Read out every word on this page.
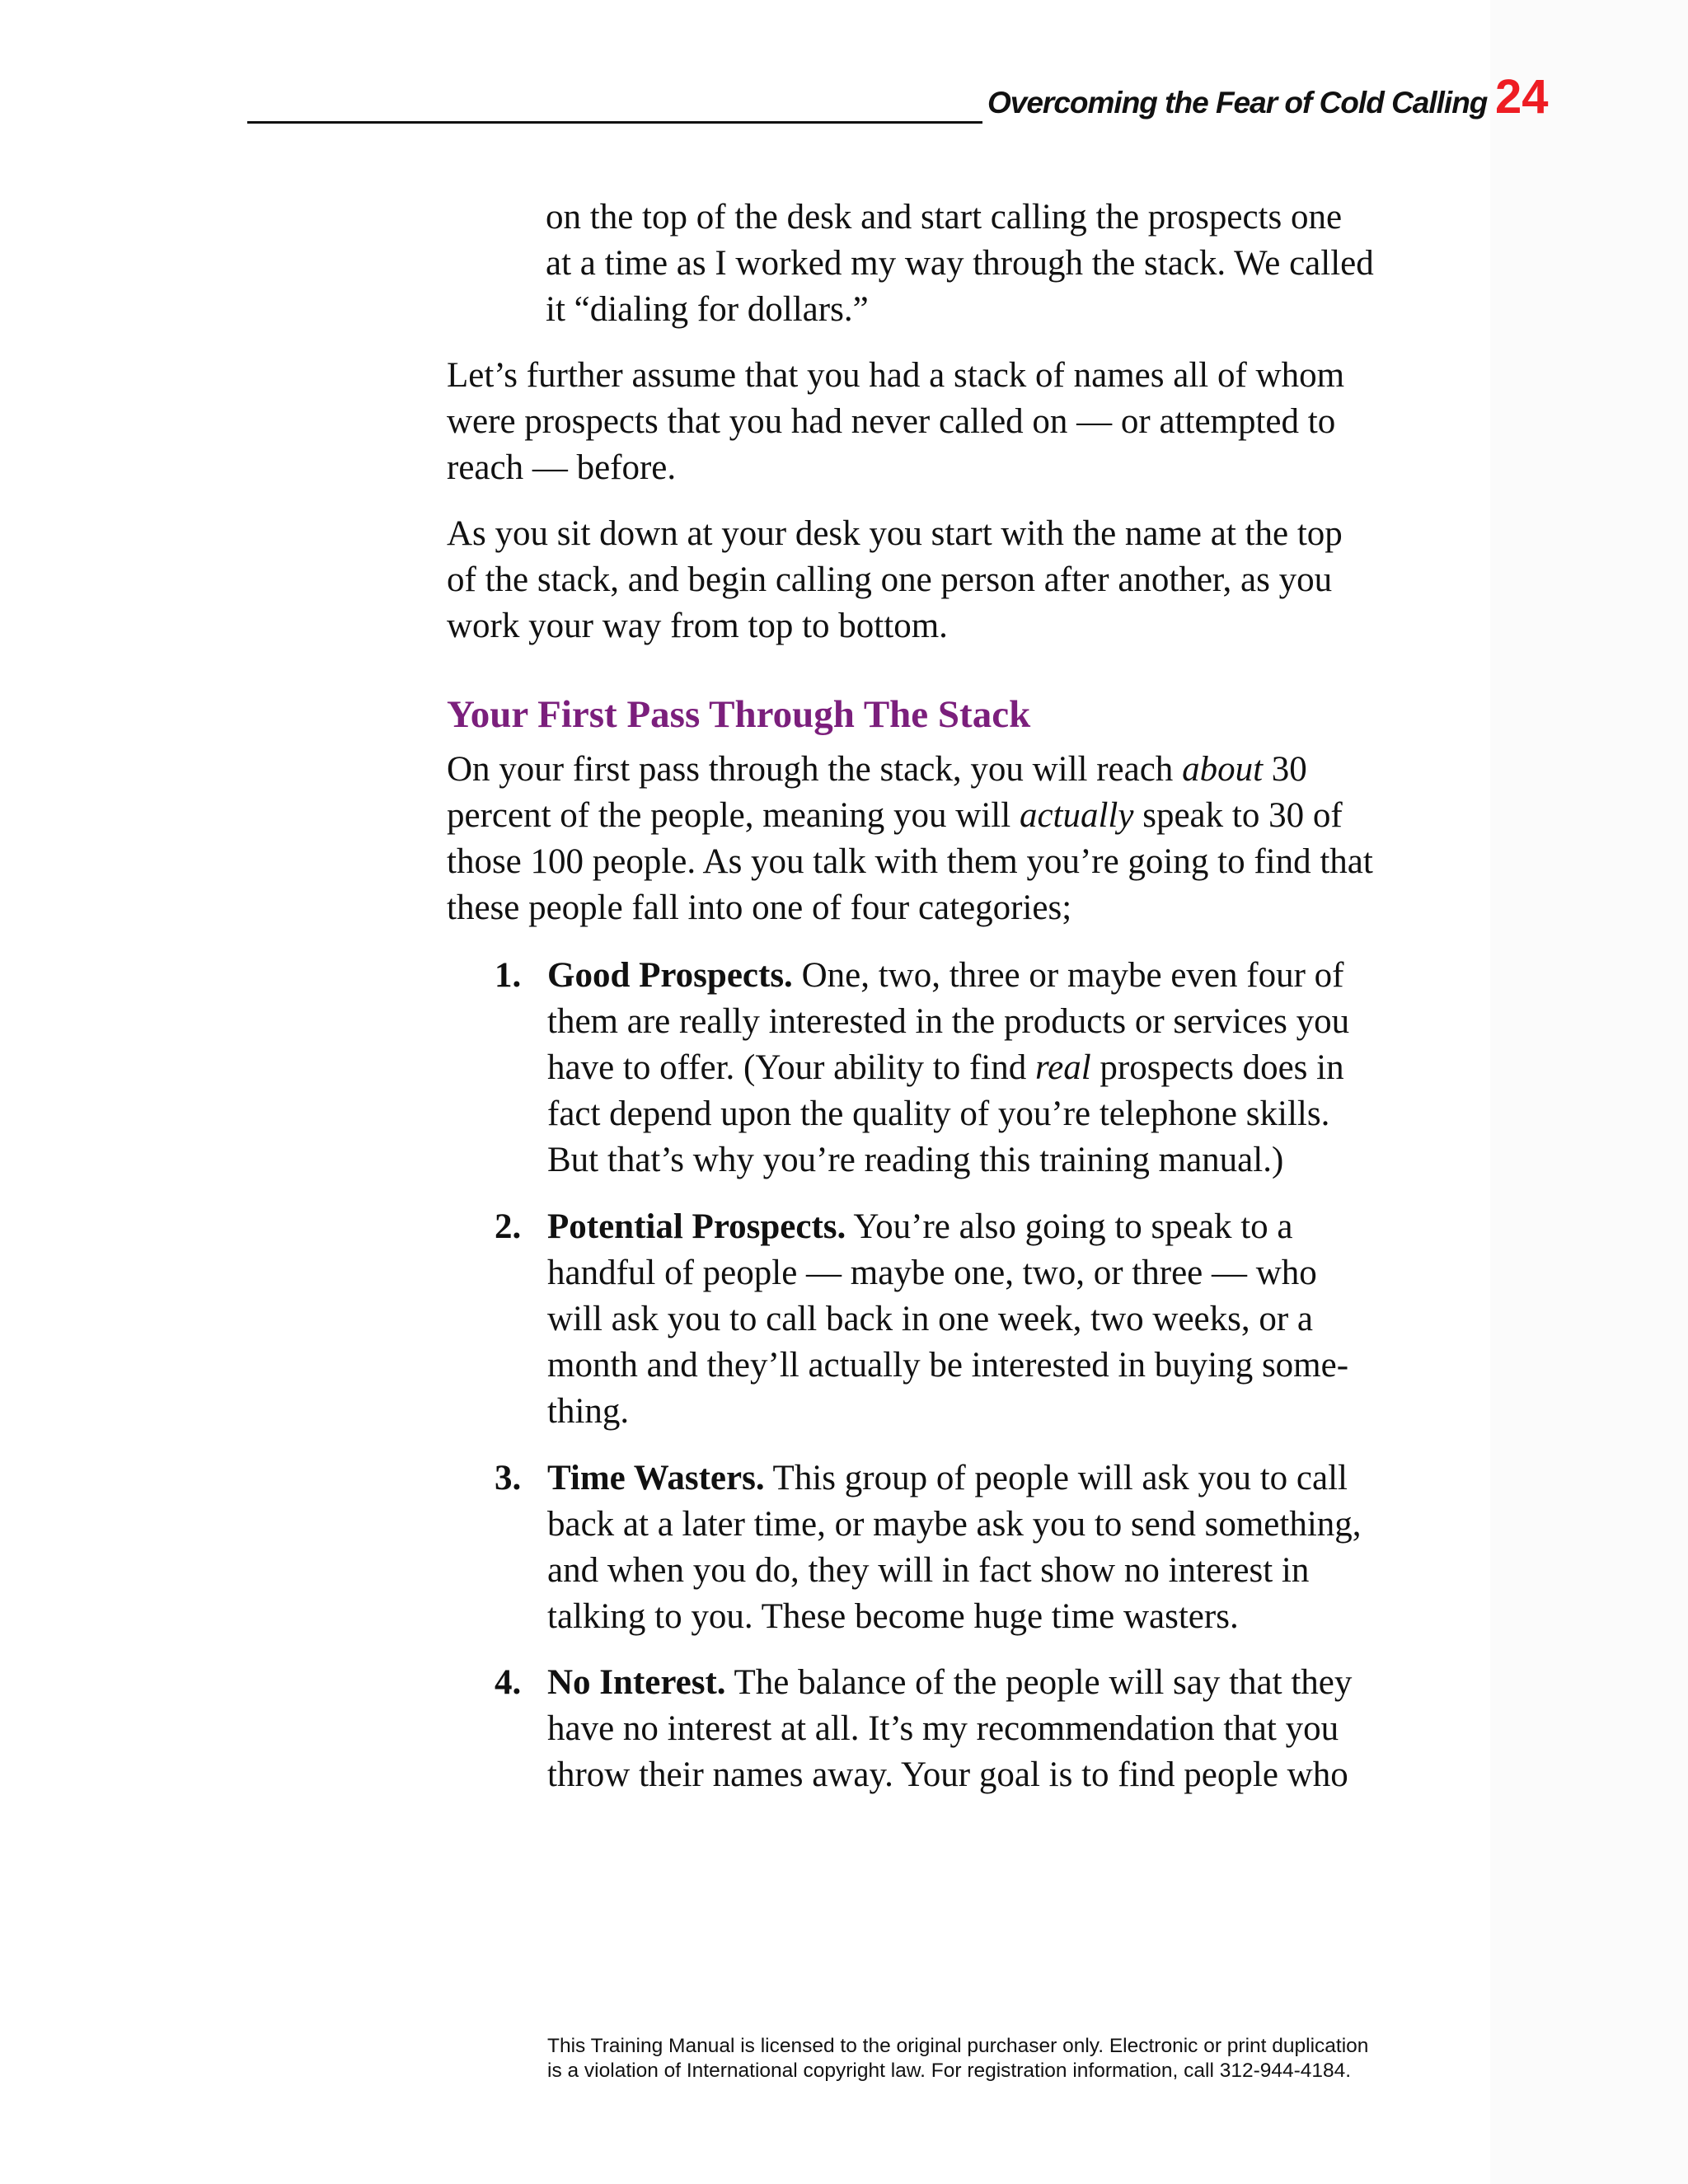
Overcoming the Fear of Cold Calling 24

on the top of the desk and start calling the prospects one
at a time as I worked my way through the stack. We called
it “dialing for dollars.”

Let’s further assume that you had a stack of names all of whom
were prospects that you had never called on — or attempted to
reach — before.

As you sit down at your desk you start with the name at the top
of the stack, and begin calling one person after another, as you
work your way from top to bottom.

Your First Pass Through The Stack

On your first pass through the stack, you will reach about 30
percent of the people, meaning you will actually speak to 30 of
those 100 people. As you talk with them you’re going to find that
these people fall into one of four categories;

1. Good Prospects. One, two, three or maybe even four of
them are really interested in the products or services you
have to offer. (Your ability to find real prospects does in
fact depend upon the quality of you’re telephone skills.
But that’s why you’re reading this training manual.)
2. Potential Prospects. You’re also going to speak to a
handful of people — maybe one, two, or three — who
will ask you to call back in one week, two weeks, or a
month and they’ll actually be interested in buying some-
thing.
3. Time Wasters. This group of people will ask you to call
back at a later time, or maybe ask you to send something,
and when you do, they will in fact show no interest in
talking to you. These become huge time wasters.
4. No Interest. The balance of the people will say that they
have no interest at all. It’s my recommendation that you
throw their names away. Your goal is to find people who
This Training Manual is licensed to the original purchaser only. Electronic or print duplication
is a violation of International copyright law. For registration information, call 312-944-4184.
